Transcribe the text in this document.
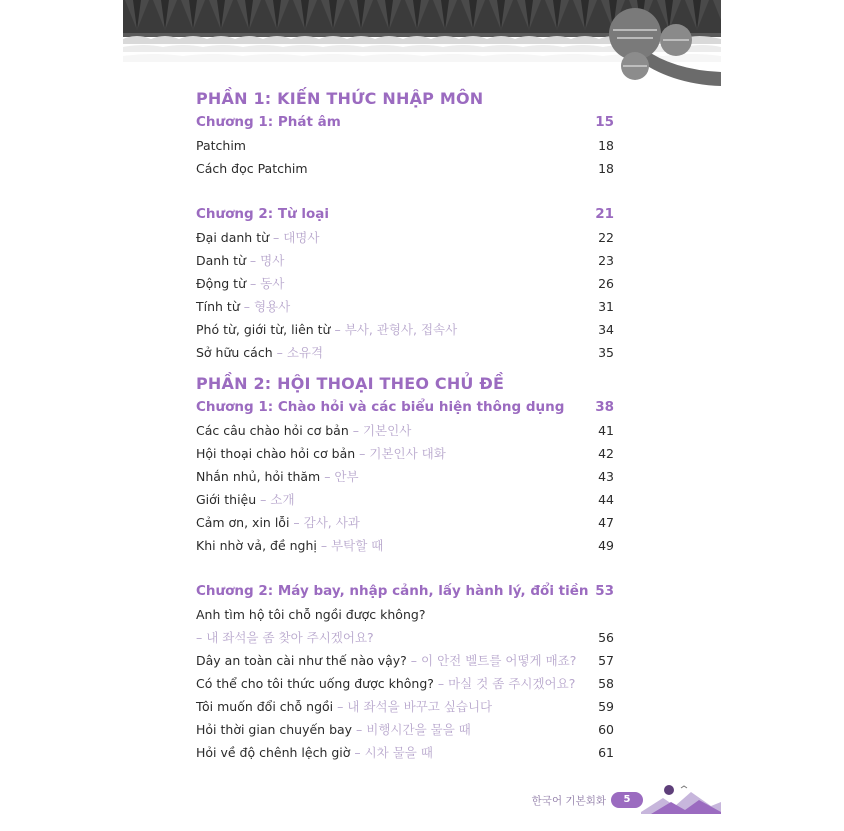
PHẦN 1: KIẾN THỨC NHẬP MÔN
Chương 1: Phát âm	15
Patchim	18
Cách đọc Patchim	18
Chương 2: Từ loại	21
Đại danh từ – 대명사	22
Danh từ – 명사	23
Động từ – 동사	26
Tính từ – 형용사	31
Phó từ, giới từ, liên từ – 부사, 관형사, 접속사	34
Sở hữu cách – 소유격	35
PHẦN 2: HỘI THOẠI THEO CHỦ ĐỀ
Chương 1: Chào hỏi và các biểu hiện thông dụng 38
Các câu chào hỏi cơ bản – 기본인사	41
Hội thoại chào hỏi cơ bản – 기본인사 대화	42
Nhắn nhủ, hỏi thăm – 안부	43
Giới thiệu – 소개	44
Cảm ơn, xin lỗi – 감사, 사과	47
Khi nhờ vả, đề nghị – 부탁할 때	49
Chương 2: Máy bay, nhập cảnh, lấy hành lý, đổi tiền 53
Anh tìm hộ tôi chỗ ngồi được không?
– 내 좌석을 좀 찾아 주시겠어요?	56
Dây an toàn cài như thế nào vậy? – 이 안전 벨트를 어떻게 매죠? 57
Có thể cho tôi thức uống được không? – 마실 것 좀 주시겠어요? 58
Tôi muốn đổi chỗ ngồi – 내 좌석을 바꾸고 싶습니다	59
Hỏi thời gian chuyến bay – 비행시간을 물을 때	60
Hỏi về độ chênh lệch giờ – 시차 물을 때	61
한국어 기본회화	5
